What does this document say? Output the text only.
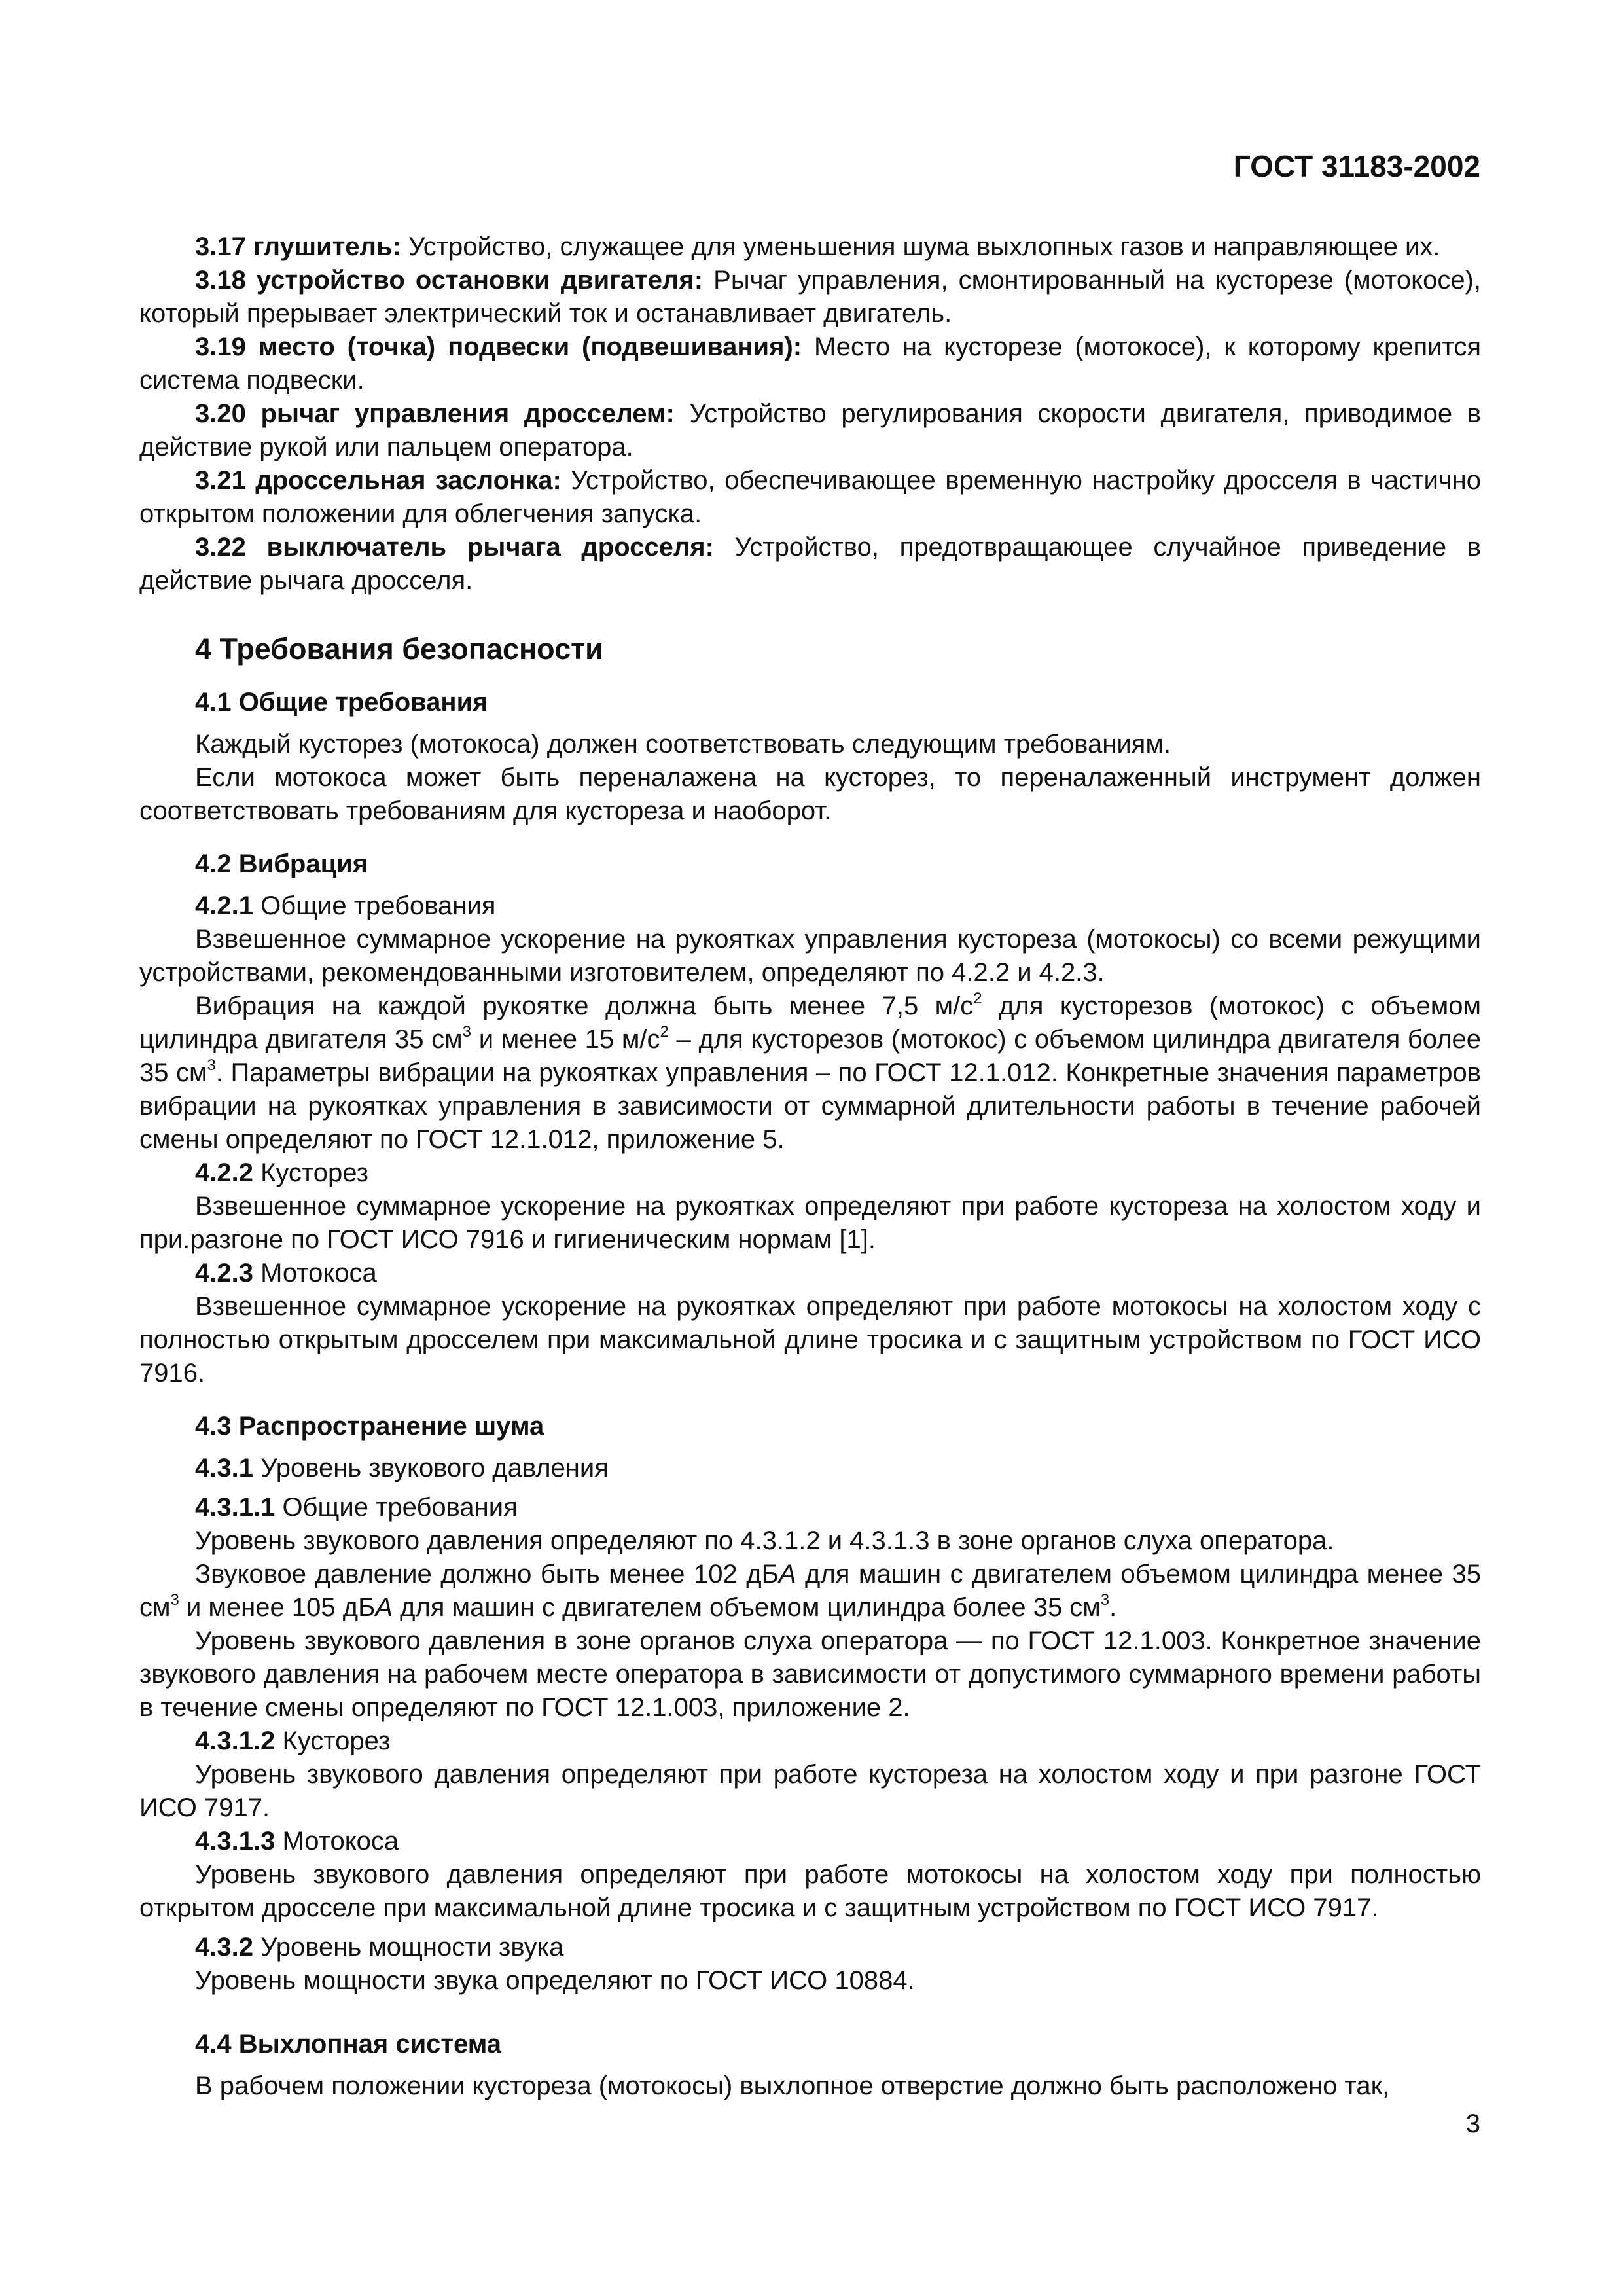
ГОСТ 31183-2002

3.17 глушитель: Устройство, служащее для уменьшения шума выхлопных газов и направляющее их.

3.18 устройство остановки двигателя: Рычаг управления, смонтированный на кусторезе (мотокосе), который прерывает электрический ток и останавливает двигатель.

3.19 место (точка) подвески (подвешивания): Место на кусторезе (мотокосе), к которому крепится система подвески.

3.20 рычаг управления дросселем: Устройство регулирования скорости двигателя, приводимое в действие рукой или пальцем оператора.

3.21 дроссельная заслонка: Устройство, обеспечивающее временную настройку дросселя в частично открытом положении для облегчения запуска.

3.22 выключатель рычага дросселя: Устройство, предотвращающее случайное приведение в действие рычага дросселя.

4 Требования безопасности
4.1 Общие требования

Каждый кусторез (мотокоса) должен соответствовать следующим требованиям.

Если мотокоса может быть переналажена на кусторез, то переналаженный инструмент должен соответствовать требованиям для кустореза и наоборот.

4.2 Вибрация

4.2.1 Общие требования

Взвешенное суммарное ускорение на рукоятках управления кустореза (мотокосы) со всеми режущими устройствами, рекомендованными изготовителем, определяют по 4.2.2 и 4.2.3.

Вибрация на каждой рукоятке должна быть менее 7,5 $м/с^2$ для кусторезов (мотокос) с объемом цилиндра двигателя 35 $см^3$ и менее 15 $м/с^2$ – для кусторезов (мотокос) с объемом цилиндра двигателя более 35 $см^3$. Параметры вибрации на рукоятках управления – по ГОСТ 12.1.012. Конкретные значения параметров вибрации на рукоятках управления в зависимости от суммарной длительности работы в течение рабочей смены определяют по ГОСТ 12.1.012, приложение 5.

4.2.2 Кусторез

Взвешенное суммарное ускорение на рукоятках определяют при работе кустореза на холостом ходу и при.разгоне по ГОСТ ИСО 7916 и гигиеническим нормам [1].

4.2.3 Мотокоса

Взвешенное суммарное ускорение на рукоятках определяют при работе мотокосы на холостом ходу с полностью открытым дросселем при максимальной длине тросика и с защитным устройством по ГОСТ ИСО 7916.

4.3 Распространение шума

4.3.1 Уровень звукового давления

4.3.1.1 Общие требования

Уровень звукового давления определяют по 4.3.1.2 и 4.3.1.3 в зоне органов слуха оператора.

Звуковое давление должно быть менее 102 дБА для машин с двигателем объемом цилиндра менее 35 $см^3$ и менее 105 дБА для машин с двигателем объемом цилиндра более 35 $см^3$.

Уровень звукового давления в зоне органов слуха оператора — по ГОСТ 12.1.003. Конкретное значение звукового давления на рабочем месте оператора в зависимости от допустимого суммарного времени работы в течение смены определяют по ГОСТ 12.1.003, приложение 2.

4.3.1.2 Кусторез

Уровень звукового давления определяют при работе кустореза на холостом ходу и при разгоне ГОСТ ИСО 7917.

4.3.1.3 Мотокоса

Уровень звукового давления определяют при работе мотокосы на холостом ходу при полностью открытом дросселе при максимальной длине тросика и с защитным устройством по ГОСТ ИСО 7917.

4.3.2 Уровень мощности звука

Уровень мощности звука определяют по ГОСТ ИСО 10884.

4.4 Выхлопная система

В рабочем положении кустореза (мотокосы) выхлопное отверстие должно быть расположено так,

3
